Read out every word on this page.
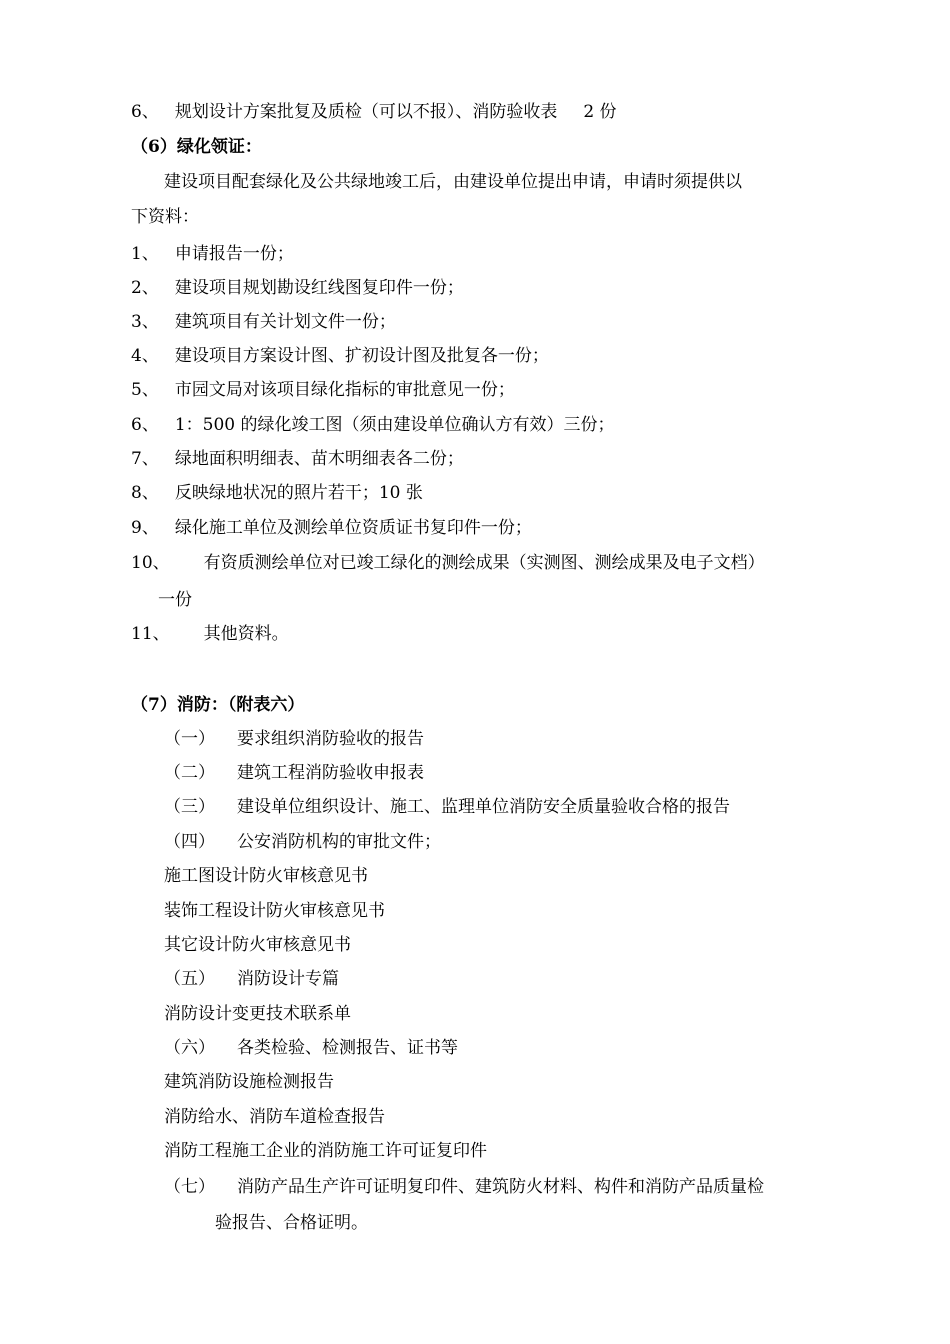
6、 规划设计方案批复及质检（可以不报）、消防验收表 2 份
（6）绿化领证：
建设项目配套绿化及公共绿地竣工后，由建设单位提出申请，申请时须提供以
下资料：
1、 申请报告一份；
2、 建设项目规划勘设红线图复印件一份；
3、 建筑项目有关计划文件一份；
4、 建设项目方案设计图、扩初设计图及批复各一份；
5、 市园文局对该项目绿化指标的审批意见一份；
6、 1：500 的绿化竣工图（须由建设单位确认方有效）三份；
7、 绿地面积明细表、苗木明细表各二份；
8、 反映绿地状况的照片若干；10 张
9、 绿化施工单位及测绘单位资质证书复印件一份；
10、 有资质测绘单位对已竣工绿化的测绘成果（实测图、测绘成果及电子文档）
一份
11、 其他资料。
（7）消防：（附表六）
（一） 要求组织消防验收的报告
（二） 建筑工程消防验收申报表
（三） 建设单位组织设计、施工、监理单位消防安全质量验收合格的报告
（四） 公安消防机构的审批文件；
施工图设计防火审核意见书
装饰工程设计防火审核意见书
其它设计防火审核意见书
（五） 消防设计专篇
消防设计变更技术联系单
（六） 各类检验、检测报告、证书等
建筑消防设施检测报告
消防给水、消防车道检查报告
消防工程施工企业的消防施工许可证复印件
（七） 消防产品生产许可证明复印件、建筑防火材料、构件和消防产品质量检
验报告、合格证明。
